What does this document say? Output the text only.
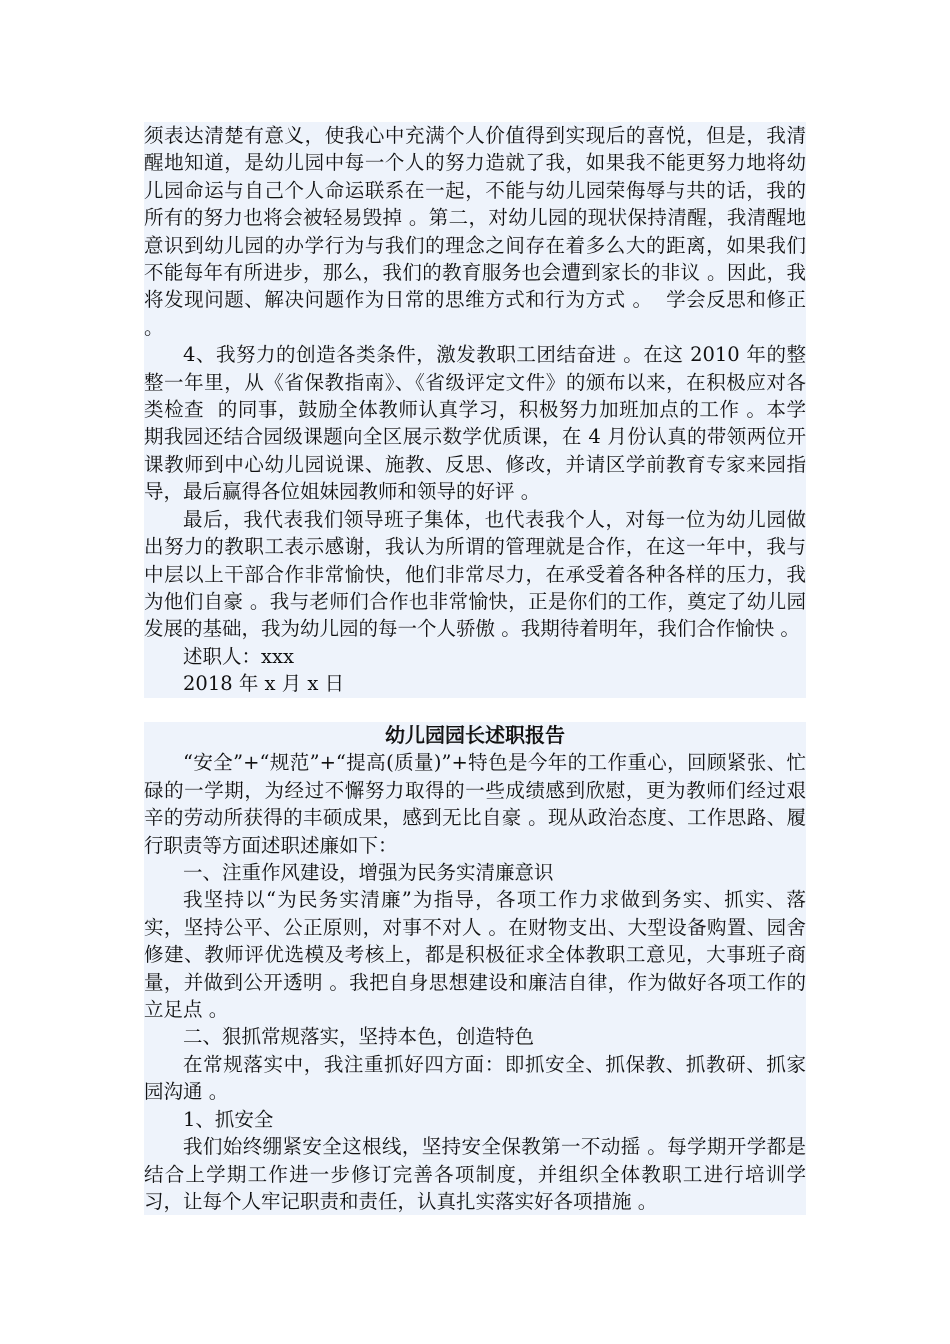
须表达清楚有意义，使我心中充满个人价值得到实现后的喜悦，但是，我清醒地知道，是幼儿园中每一个人的努力造就了我，如果我不能更努力地将幼儿园命运与自己个人命运联系在一起，不能与幼儿园荣侮辱与共的话，我的所有的努力也将会被轻易毁掉 。第二，对幼儿园的现状保持清醒，我清醒地意识到幼儿园的办学行为与我们的理念之间存在着多么大的距离，如果我们不能每年有所进步，那么，我们的教育服务也会遭到家长的非议 。因此，我将发现问题、解决问题作为日常的思维方式和行为方式 。  学会反思和修正 。

4、我努力的创造各类条件，激发教职工团结奋进 。在这 2010 年的整整一年里，从《省保教指南》、《省级评定文件》的颁布以来，在积极应对各类检查  的同事，鼓励全体教师认真学习，积极努力加班加点的工作 。本学期我园还结合园级课题向全区展示数学优质课，在 4 月份认真的带领两位开课教师到中心幼儿园说课、施教、反思、修改，并请区学前教育专家来园指导，最后赢得各位姐妹园教师和领导的好评 。

最后，我代表我们领导班子集体，也代表我个人，对每一位为幼儿园做出努力的教职工表示感谢，我认为所谓的管理就是合作，在这一年中，我与中层以上干部合作非常愉快，他们非常尽力，在承受着各种各样的压力，我为他们自豪 。我与老师们合作也非常愉快，正是你们的工作，奠定了幼儿园发展的基础，我为幼儿园的每一个人骄傲 。我期待着明年，我们合作愉快 。

述职人：xxx

2018 年 x 月 x 日

幼儿园园长述职报告

“安全”+“规范”+“提高(质量)”+特色是今年的工作重心，回顾紧张、忙碌的一学期，为经过不懈努力取得的一些成绩感到欣慰，更为教师们经过艰辛的劳动所获得的丰硕成果，感到无比自豪 。现从政治态度、工作思路、履行职责等方面述职述廉如下：

一、注重作风建设，增强为民务实清廉意识

我坚持以“为民务实清廉”为指导，各项工作力求做到务实、抓实、落实，坚持公平、公正原则，对事不对人 。在财物支出、大型设备购置、园舍修建、教师评优选模及考核上，都是积极征求全体教职工意见，大事班子商量，并做到公开透明 。我把自身思想建设和廉洁自律，作为做好各项工作的立足点 。

二、狠抓常规落实，坚持本色，创造特色

在常规落实中，我注重抓好四方面：即抓安全、抓保教、抓教研、抓家园沟通 。

1、抓安全

我们始终绷紧安全这根线，坚持安全保教第一不动摇 。每学期开学都是结合上学期工作进一步修订完善各项制度，并组织全体教职工进行培训学习，让每个人牢记职责和责任，认真扎实落实好各项措施 。
